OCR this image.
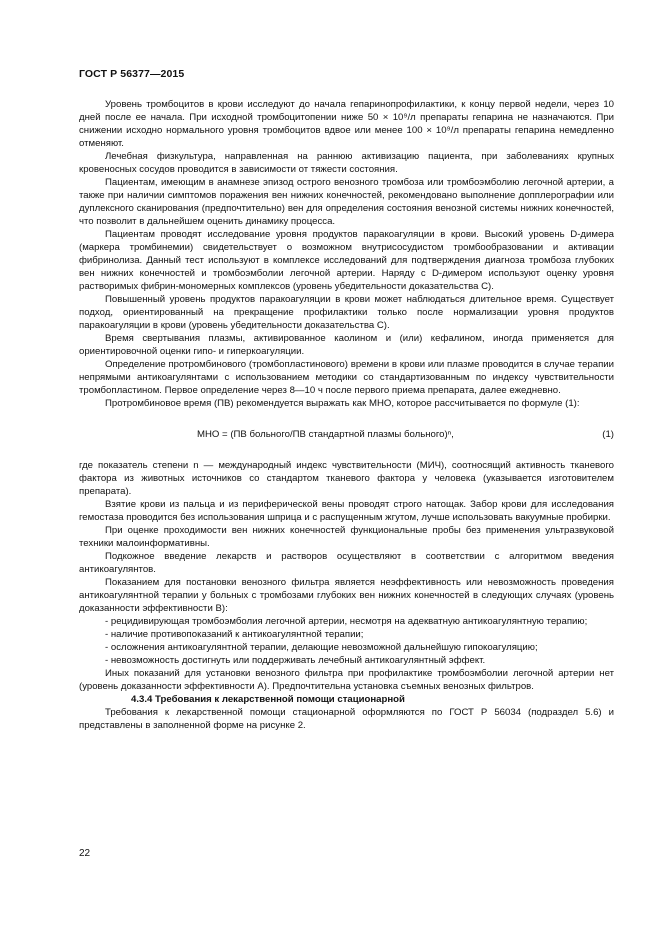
ГОСТ Р 56377—2015

Уровень тромбоцитов в крови исследуют до начала гепаринопрофилактики, к концу первой недели, через 10 дней после ее начала. При исходной тромбоцитопении ниже 50 × 10⁹/л препараты гепарина не назначаются. При снижении исходно нормального уровня тромбоцитов вдвое или менее 100 × 10⁹/л препараты гепарина немедленно отменяют.

Лечебная физкультура, направленная на раннюю активизацию пациента, при заболеваниях крупных кровеносных сосудов проводится в зависимости от тяжести состояния.

Пациентам, имеющим в анамнезе эпизод острого венозного тромбоза или тромбоэмболию легочной артерии, а также при наличии симптомов поражения вен нижних конечностей, рекомендовано выполнение допплерографии или дуплексного сканирования (предпочтительно) вен для определения состояния венозной системы нижних конечностей, что позволит в дальнейшем оценить динамику процесса.

Пациентам проводят исследование уровня продуктов паракоагуляции в крови. Высокий уровень D-димера (маркера тромбинемии) свидетельствует о возможном внутрисосудистом тромбообразовании и активации фибринолиза. Данный тест используют в комплексе исследований для подтверждения диагноза тромбоза глубоких вен нижних конечностей и тромбоэмболии легочной артерии. Наряду с D-димером используют оценку уровня растворимых фибрин-мономерных комплексов (уровень убедительности доказательства С).

Повышенный уровень продуктов паракоагуляции в крови может наблюдаться длительное время. Существует подход, ориентированный на прекращение профилактики только после нормализации уровня продуктов паракоагуляции в крови (уровень убедительности доказательства С).

Время свертывания плазмы, активированное каолином и (или) кефалином, иногда применяется для ориентировочной оценки гипо- и гиперкоагуляции.

Определение протромбинового (тромбопластинового) времени в крови или плазме проводится в случае терапии непрямыми антикоагулянтами с использованием методики со стандартизованным по индексу чувствительности тромбопластином. Первое определение через 8—10 ч после первого приема препарата, далее ежедневно.

Протромбиновое время (ПВ) рекомендуется выражать как МНО, которое рассчитывается по формуле (1):

МНО = (ПВ больного/ПВ стандартной плазмы больного)ⁿ,	(1)

где показатель степени n — международный индекс чувствительности (МИЧ), соотносящий активность тканевого фактора из животных источников со стандартом тканевого фактора у человека (указывается изготовителем препарата).

Взятие крови из пальца и из периферической вены проводят строго натощак. Забор крови для исследования гемостаза проводится без использования шприца и с распущенным жгутом, лучше использовать вакуумные пробирки.

При оценке проходимости вен нижних конечностей функциональные пробы без применения ультразвуковой техники малоинформативны.

Подкожное введение лекарств и растворов осуществляют в соответствии с алгоритмом введения антикоагулянтов.

Показанием для постановки венозного фильтра является неэффективность или невозможность проведения антикоагулянтной терапии у больных с тромбозами глубоких вен нижних конечностей в следующих случаях (уровень доказанности эффективности В):

- рецидивирующая тромбоэмболия легочной артерии, несмотря на адекватную антикоагулянтную терапию;

- наличие противопоказаний к антикоагулянтной терапии;

- осложнения антикоагулянтной терапии, делающие невозможной дальнейшую гипокоагуляцию;

- невозможность достигнуть или поддерживать лечебный антикоагулянтный эффект.

Иных показаний для установки венозного фильтра при профилактике тромбоэмболии легочной артерии нет (уровень доказанности эффективности А). Предпочтительна установка съемных венозных фильтров.

4.3.4 Требования к лекарственной помощи стационарной

Требования к лекарственной помощи стационарной оформляются по ГОСТ Р 56034 (подраздел 5.6) и представлены в заполненной форме на рисунке 2.

22
